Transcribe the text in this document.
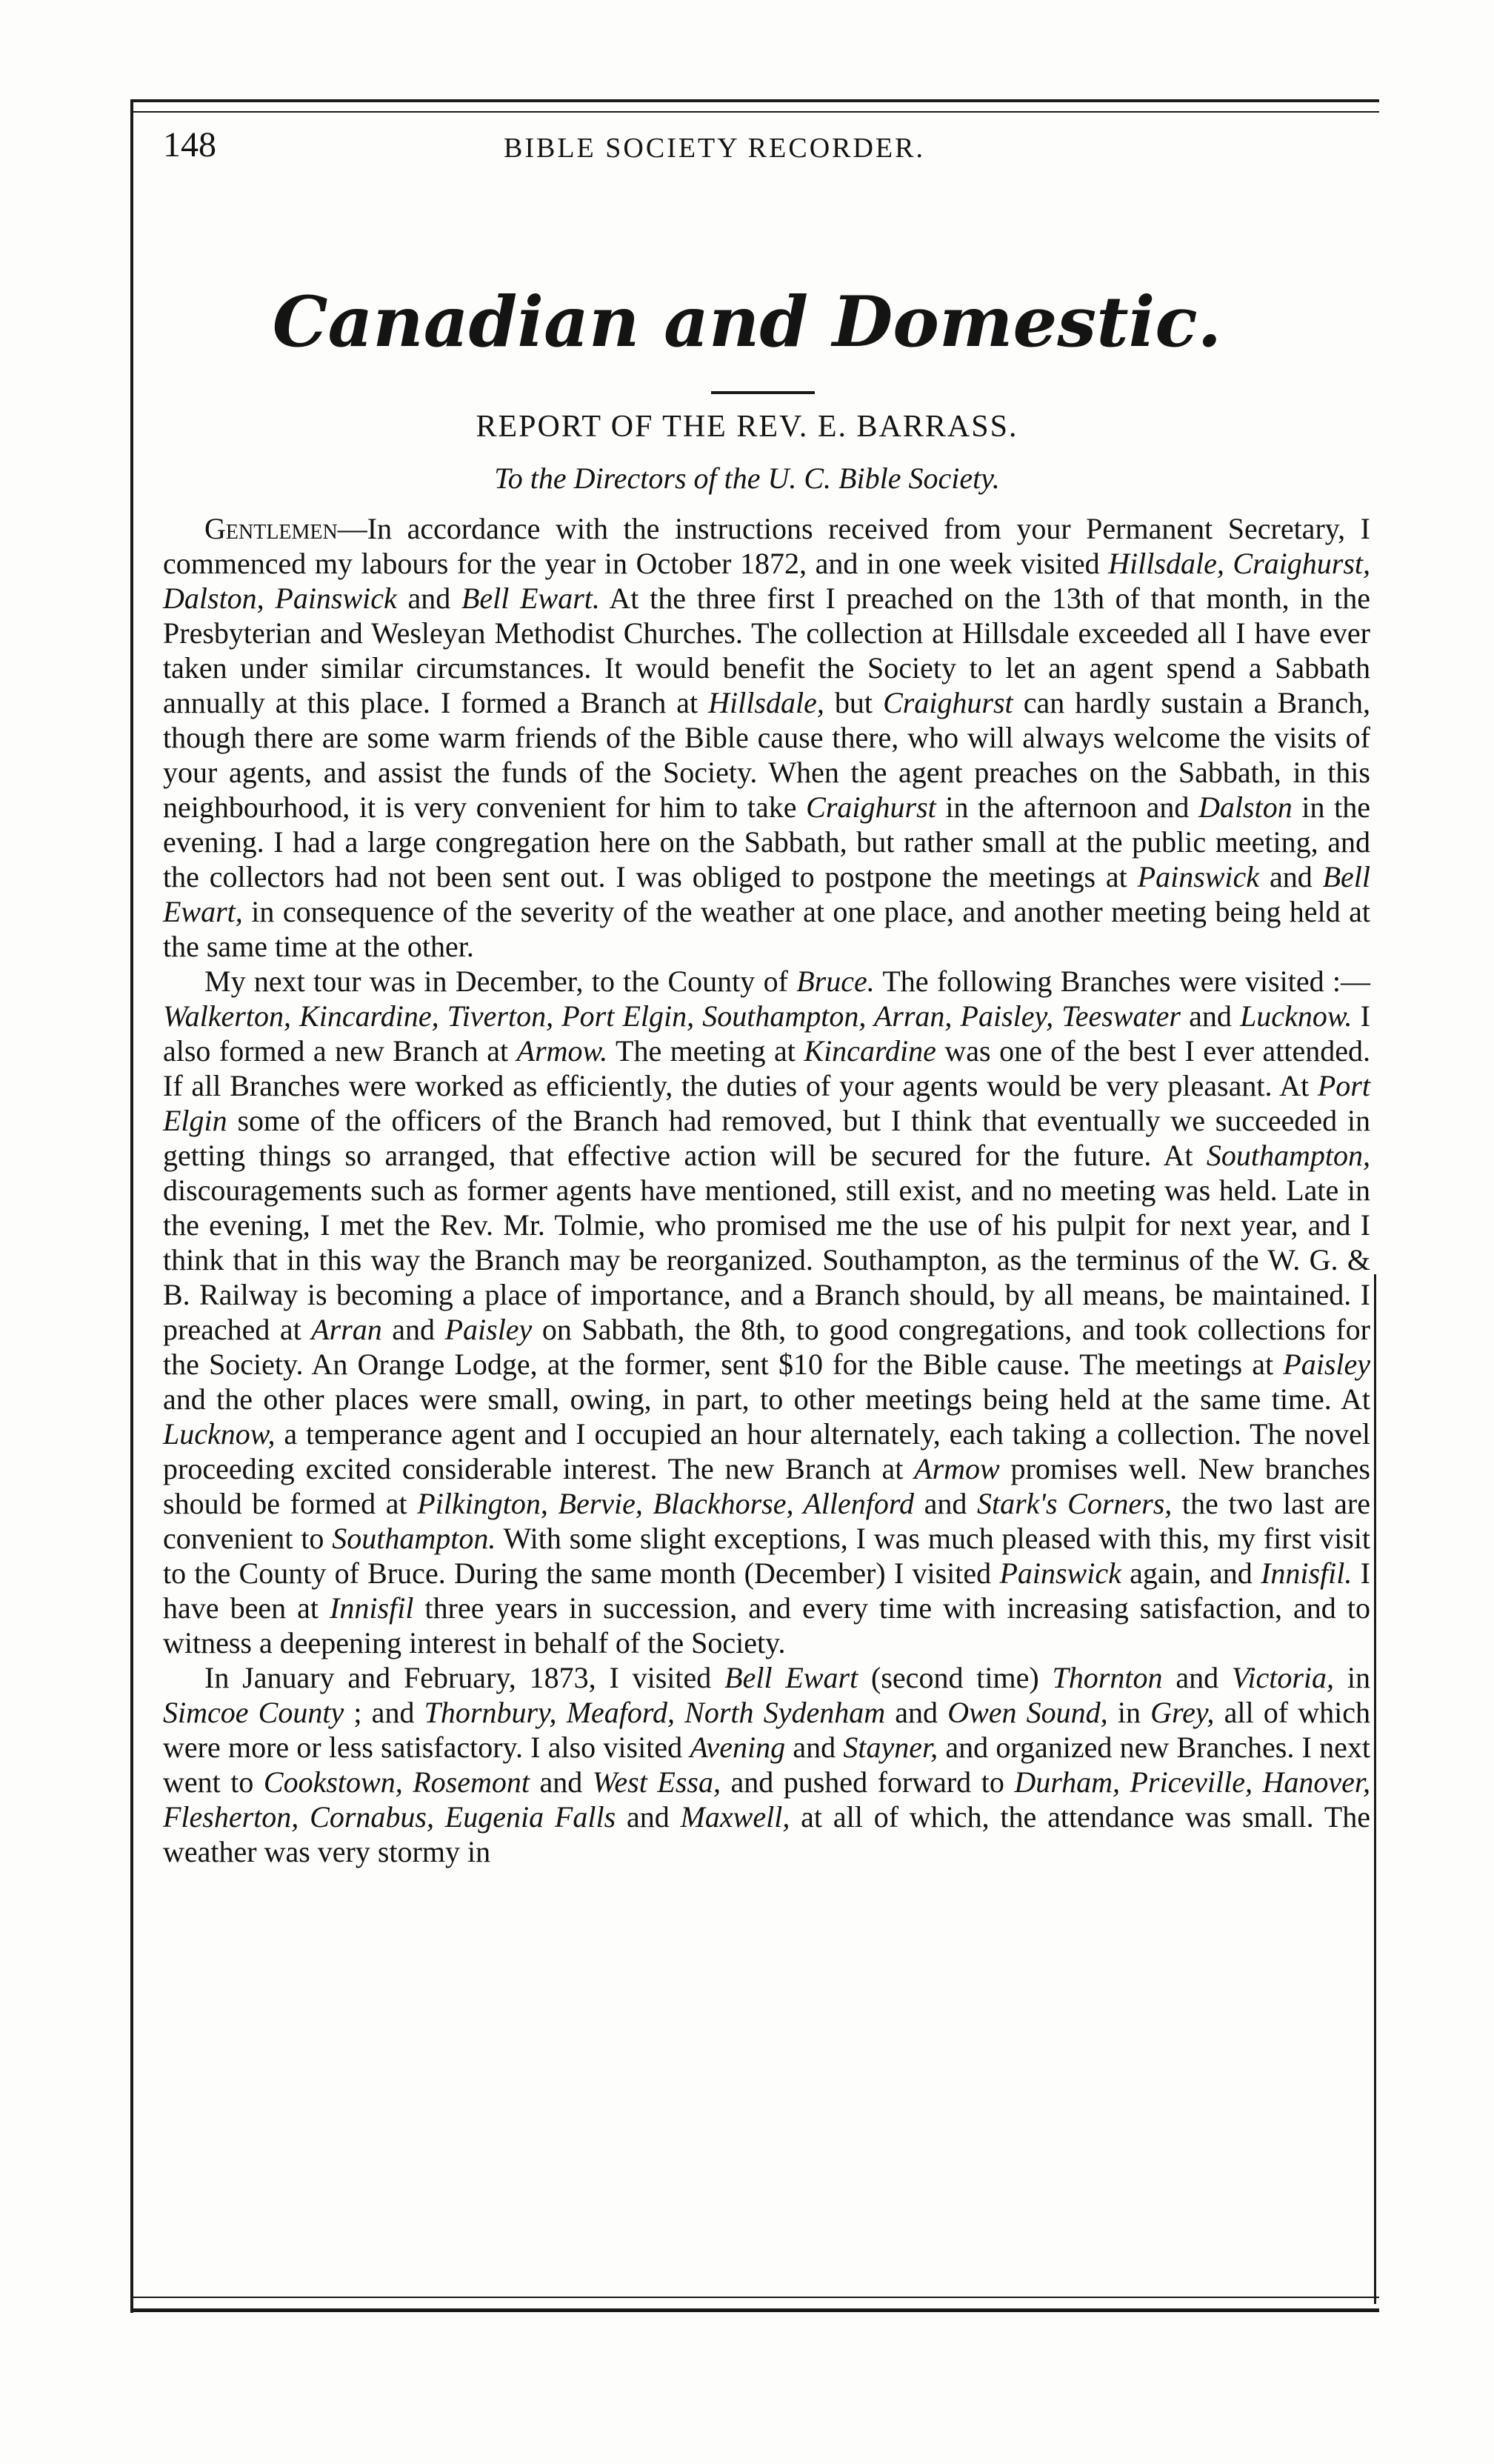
148	BIBLE SOCIETY RECORDER.
Canadian and Domestic.
REPORT OF THE REV. E. BARRASS.
To the Directors of the U. C. Bible Society.

Gentlemen—In accordance with the instructions received from your Permanent Secretary, I commenced my labours for the year in October 1872, and in one week visited Hillsdale, Craighurst, Dalston, Painswick and Bell Ewart. At the three first I preached on the 13th of that month, in the Presbyterian and Wesleyan Methodist Churches. The collection at Hillsdale exceeded all I have ever taken under similar circumstances. It would benefit the Society to let an agent spend a Sabbath annually at this place. I formed a Branch at Hillsdale, but Craighurst can hardly sustain a Branch, though there are some warm friends of the Bible cause there, who will always welcome the visits of your agents, and assist the funds of the Society. When the agent preaches on the Sabbath, in this neighbourhood, it is very convenient for him to take Craighurst in the afternoon and Dalston in the evening. I had a large congregation here on the Sabbath, but rather small at the public meeting, and the collectors had not been sent out. I was obliged to postpone the meetings at Painswick and Bell Ewart, in consequence of the severity of the weather at one place, and another meeting being held at the same time at the other.

My next tour was in December, to the County of Bruce. The following Branches were visited :—Walkerton, Kincardine, Tiverton, Port Elgin, Southampton, Arran, Paisley, Teeswater and Lucknow. I also formed a new Branch at Armow. The meeting at Kincardine was one of the best I ever attended. If all Branches were worked as efficiently, the duties of your agents would be very pleasant. At Port Elgin some of the officers of the Branch had removed, but I think that eventually we succeeded in getting things so arranged, that effective action will be secured for the future. At Southampton, discouragements such as former agents have mentioned, still exist, and no meeting was held. Late in the evening, I met the Rev. Mr. Tolmie, who promised me the use of his pulpit for next year, and I think that in this way the Branch may be reorganized. Southampton, as the terminus of the W. G. & B. Railway is becoming a place of importance, and a Branch should, by all means, be maintained. I preached at Arran and Paisley on Sabbath, the 8th, to good congregations, and took collections for the Society. An Orange Lodge, at the former, sent $10 for the Bible cause. The meetings at Paisley and the other places were small, owing, in part, to other meetings being held at the same time. At Lucknow, a temperance agent and I occupied an hour alternately, each taking a collection. The novel proceeding excited considerable interest. The new Branch at Armow promises well. New branches should be formed at Pilkington, Bervie, Blackhorse, Allenford and Stark's Corners, the two last are convenient to Southampton. With some slight exceptions, I was much pleased with this, my first visit to the County of Bruce. During the same month (December) I visited Painswick again, and Innisfil. I have been at Innisfil three years in succession, and every time with increasing satisfaction, and to witness a deepening interest in behalf of the Society.

In January and February, 1873, I visited Bell Ewart (second time) Thornton and Victoria, in Simcoe County ; and Thornbury, Meaford, North Sydenham and Owen Sound, in Grey, all of which were more or less satisfactory. I also visited Avening and Stayner, and organized new Branches. I next went to Cookstown, Rosemont and West Essa, and pushed forward to Durham, Priceville, Hanover, Flesherton, Cornabus, Eugenia Falls and Maxwell, at all of which, the attendance was small. The weather was very stormy in
